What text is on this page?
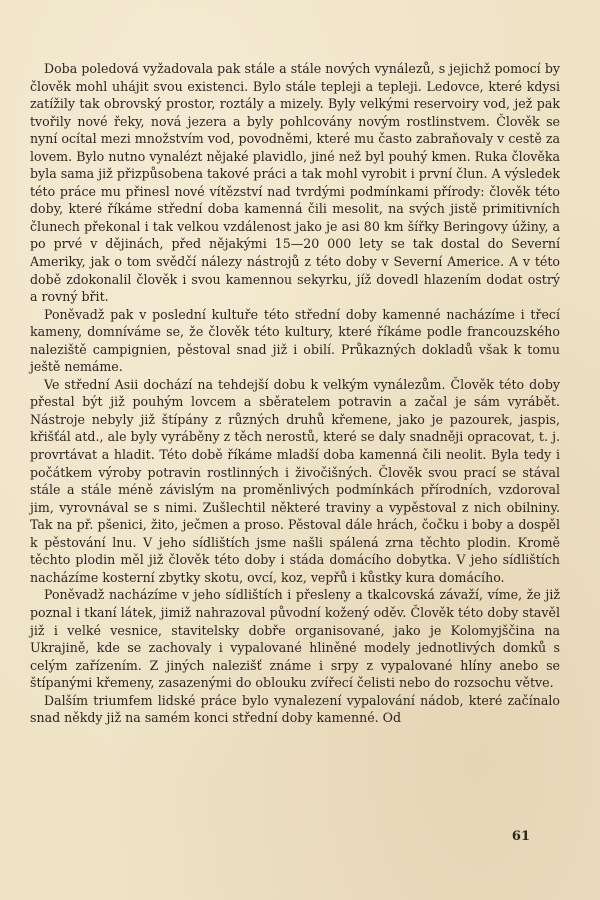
Doba poledová vyžadovala pak stále a stále nových vynálezů, s jejichž pomocí by člověk mohl uhájit svou existenci. Bylo stále tepleji a tepleji. Ledovce, které kdysi zatížily tak obrovský prostor, roztály a mizely. Byly velkými reservoiry vod, jež pak tvořily nové řeky, nová jezera a byly pohlcovány novým rostlinstvem. Člověk se nyní ocítal mezi množstvím vod, povodněmi, které mu často zabraňovaly v cestě za lovem. Bylo nutno vynalézt nějaké plavidlo, jiné než byl pouhý kmen. Ruka člověka byla sama již přizpůsobena takové práci a tak mohl vyrobit i první člun. A výsledek této práce mu přinesl nové vítězství nad tvrdými podmínkami přírody: člověk této doby, které říkáme střední doba kamenná čili mesolit, na svých jistě primitivních člunech překonal i tak velkou vzdálenost jako je asi 80 km šířky Beringovy úžiny, a po prvé v dějinách, před nějakými 15—20 000 lety se tak dostal do Severní Ameriky, jak o tom svědčí nálezy nástrojů z této doby v Severní Americe. A v této době zdokonalil člověk i svou kamennou sekyrku, jíž dovedl hlazením dodat ostrý a rovný břit.

Poněvadž pak v poslední kultuře této střední doby kamenné nacházíme i třecí kameny, domníváme se, že člověk této kultury, které říkáme podle francouzského naleziště campignien, pěstoval snad již i obilí. Průkazných dokladů však k tomu ještě nemáme.

Ve střední Asii dochází na tehdejší dobu k velkým vynálezům. Člověk této doby přestal být již pouhým lovcem a sběratelem potravin a začal je sám vyrábět. Nástroje nebyly již štípány z různých druhů křemene, jako je pazourek, jaspis, křišťál atd., ale byly vyráběny z těch nerostů, které se daly snadněji opracovat, t. j. provrtávat a hladit. Této době říkáme mladší doba kamenná čili neolit. Byla tedy i počátkem výroby potravin rostlinných i živočišných. Člověk svou prací se stával stále a stále méně závislým na proměnlivých podmínkách přírodních, vzdoroval jim, vyrovnával se s nimi. Zušlechtil některé traviny a vypěstoval z nich obilniny. Tak na př. pšenici, žito, ječmen a proso. Pěstoval dále hrách, čočku i boby a dospěl k pěstování lnu. V jeho sídlištích jsme našli spálená zrna těchto plodin. Kromě těchto plodin měl již člověk této doby i stáda domácího dobytka. V jeho sídlištích nacházíme kosterní zbytky skotu, ovcí, koz, vepřů i kůstky kura domácího.

Poněvadž nacházíme v jeho sídlištích i přesleny a tkalcovská závaží, víme, že již poznal i tkaní látek, jimiž nahrazoval původní kožený oděv. Člověk této doby stavěl již i velké vesnice, stavitelsky dobře organisované, jako je Kolomyjščina na Ukrajině, kde se zachovaly i vypalované hliněné modely jednotlivých domků s celým zařízením. Z jiných nalezišť známe i srpy z vypalované hlíny anebo se štípanými křemeny, zasazenými do oblouku zvířecí čelisti nebo do rozsochu větve.

Dalším triumfem lidské práce bylo vynalezení vypalování nádob, které začínalo snad někdy již na samém konci střední doby kamenné. Od

61
